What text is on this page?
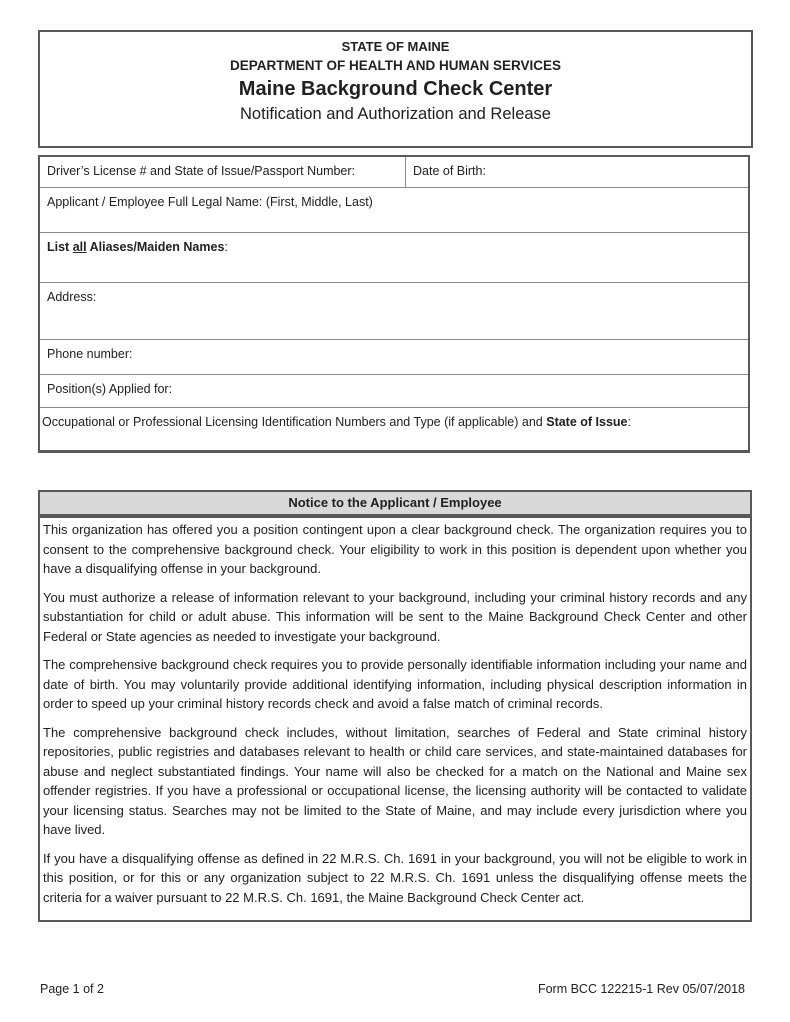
STATE OF MAINE
DEPARTMENT OF HEALTH AND HUMAN SERVICES
Maine Background Check Center
Notification and Authorization and Release
Driver’s License # and State of Issue/Passport Number:	Date of Birth:
Applicant / Employee Full Legal Name: (First, Middle, Last)
List all Aliases/Maiden Names:
Address:
Phone number:
Position(s) Applied for:
Occupational or Professional Licensing Identification Numbers and Type (if applicable) and State of Issue:
Notice to the Applicant / Employee

This organization has offered you a position contingent upon a clear background check. The organization requires you to consent to the comprehensive background check. Your eligibility to work in this position is dependent upon whether you have a disqualifying offense in your background.

You must authorize a release of information relevant to your background, including your criminal history records and any substantiation for child or adult abuse. This information will be sent to the Maine Background Check Center and other Federal or State agencies as needed to investigate your background.

The comprehensive background check requires you to provide personally identifiable information including your name and date of birth. You may voluntarily provide additional identifying information, including physical description information in order to speed up your criminal history records check and avoid a false match of criminal records.

The comprehensive background check includes, without limitation, searches of Federal and State criminal history repositories, public registries and databases relevant to health or child care services, and state-maintained databases for abuse and neglect substantiated findings. Your name will also be checked for a match on the National and Maine sex offender registries. If you have a professional or occupational license, the licensing authority will be contacted to validate your licensing status. Searches may not be limited to the State of Maine, and may include every jurisdiction where you have lived.

If you have a disqualifying offense as defined in 22 M.R.S. Ch. 1691 in your background, you will not be eligible to work in this position, or for this or any organization subject to 22 M.R.S. Ch. 1691 unless the disqualifying offense meets the criteria for a waiver pursuant to 22 M.R.S. Ch. 1691, the Maine Background Check Center act.

Page 1 of 2	Form BCC 122215-1 Rev 05/07/2018
